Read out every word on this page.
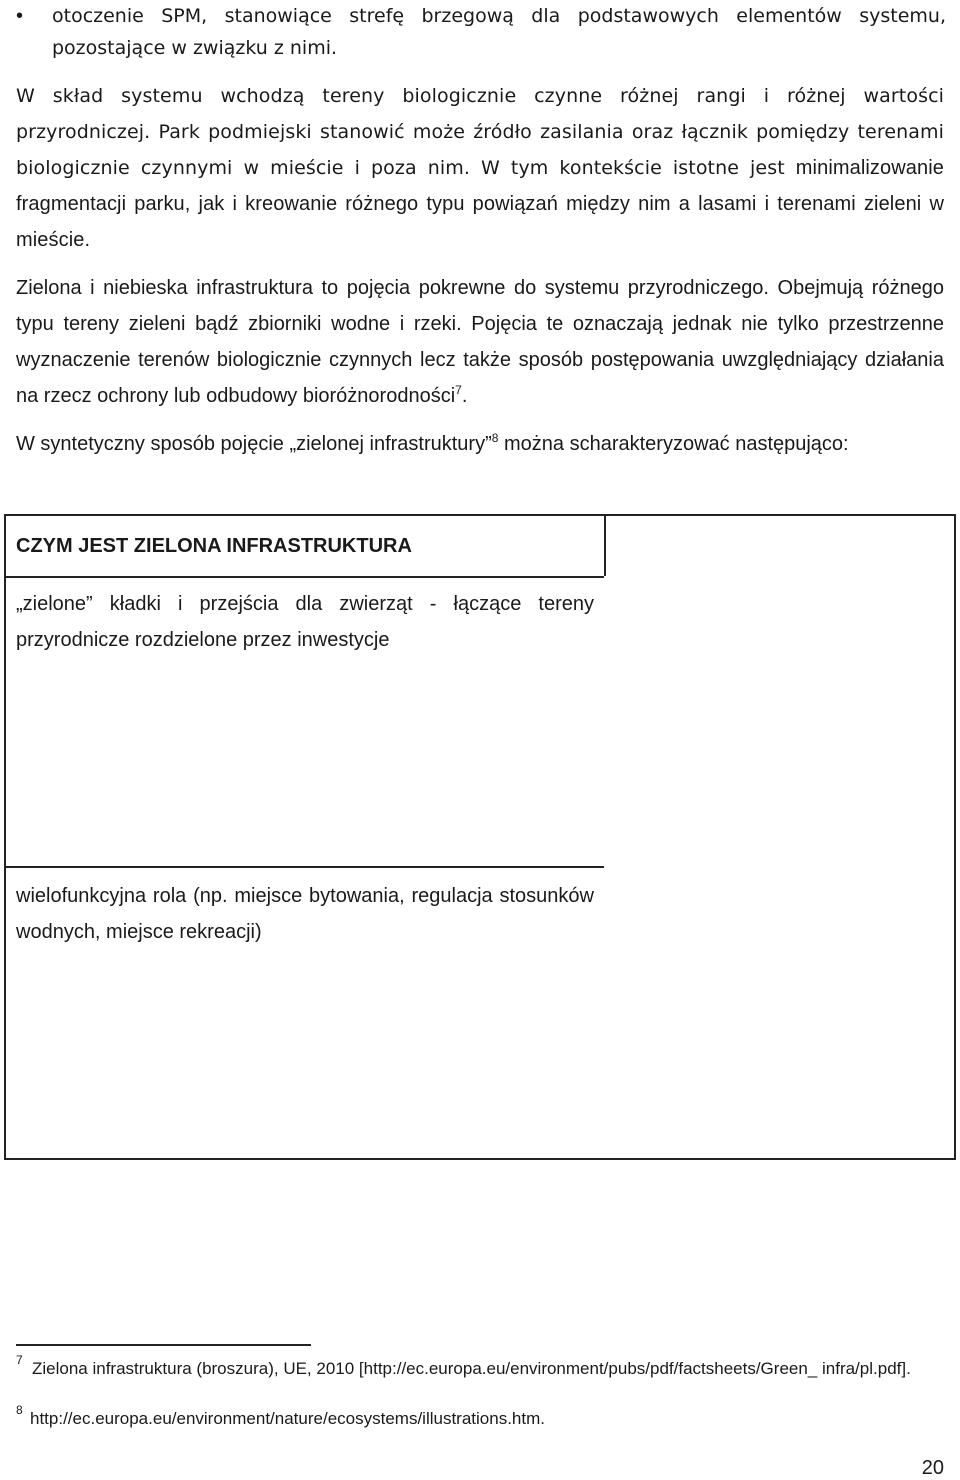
• otoczenie SPM, stanowiące strefę brzegową dla podstawowych elementów systemu,
pozostające w związku z nimi.
W skład systemu wchodzą tereny biologicznie czynne różnej rangi i różnej wartości przyrodniczej. Park podmiejski stanowić może źródło zasilania oraz łącznik pomiędzy terenami biologicznie czynnymi w mieście i poza nim. W tym kontekście istotne jest minimalizowanie fragmentacji parku, jak i kreowanie różnego typu powiązań między nim a lasami i terenami zieleni w mieście.
Zielona i niebieska infrastruktura to pojęcia pokrewne do systemu przyrodniczego. Obejmują różnego typu tereny zieleni bądź zbiorniki wodne i rzeki. Pojęcia te oznaczają jednak nie tylko przestrzenne wyznaczenie terenów biologicznie czynnych lecz także sposób postępowania uwzględniający działania na rzecz ochrony lub odbudowy bioróżnorodności$^7$.
W syntetyczny sposób pojęcie „zielonej infrastruktury”$^8$ można scharakteryzować następująco:
CZYM JEST ZIELONA INFRASTRUKTURA
„zielone” kładki i przejścia dla zwierząt - łączące tereny przyrodnicze rozdzielone przez inwestycje
wielofunkcyjna rola (np. miejsce bytowania, regulacja stosunków wodnych, miejsce rekreacji)
7 Zielona infrastruktura (broszura), UE, 2010 [http://ec.europa.eu/environment/pubs/pdf/factsheets/Green_ infra/pl.pdf].
8 http://ec.europa.eu/environment/nature/ecosystems/illustrations.htm.
20
